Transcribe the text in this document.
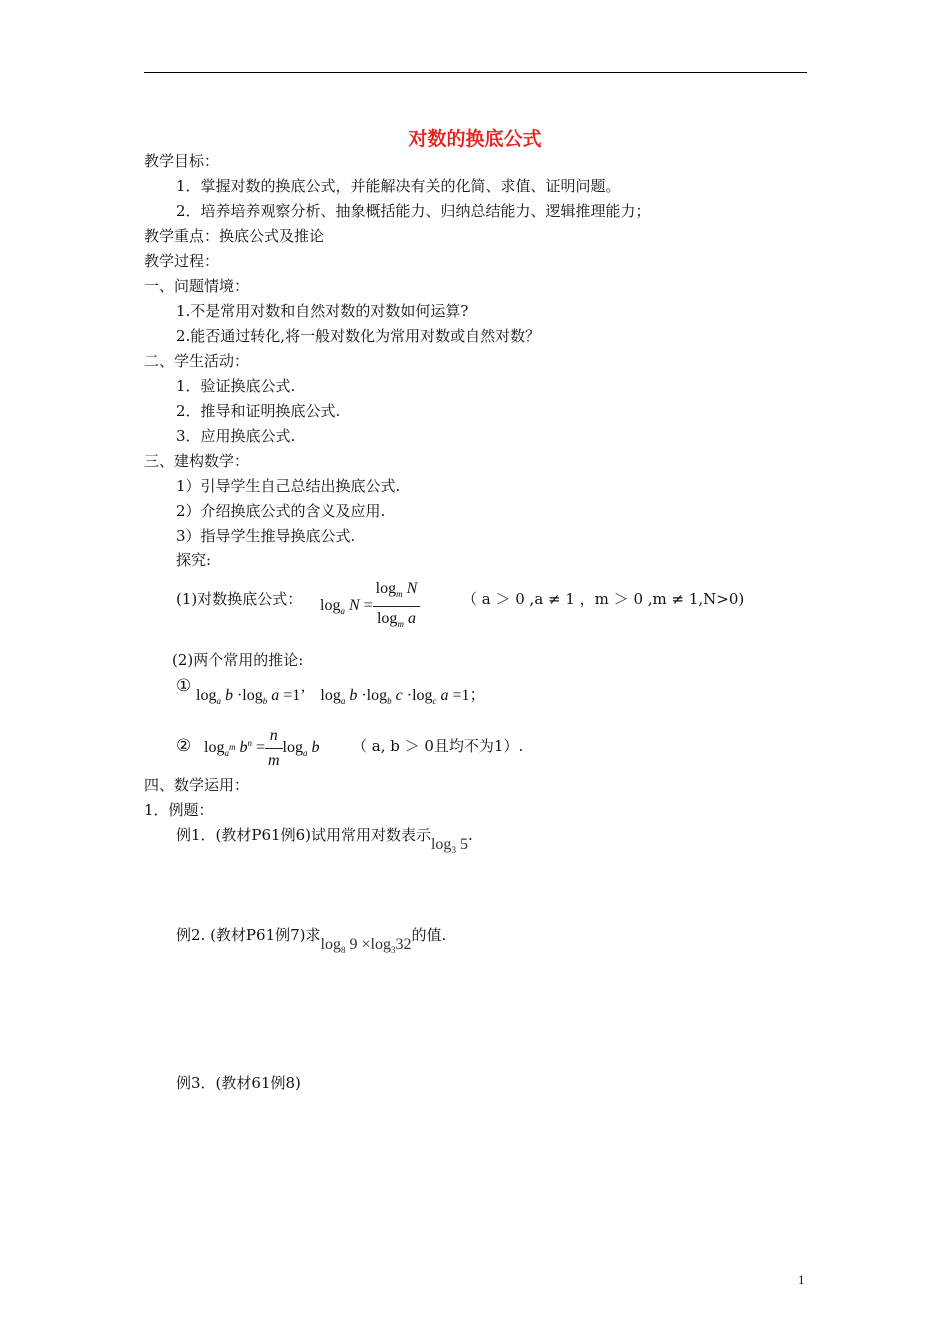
对数的换底公式
教学目标：
1．掌握对数的换底公式，并能解决有关的化简、求值、证明问题。
2．培养培养观察分析、抽象概括能力、归纳总结能力、逻辑推理能力；
教学重点：换底公式及推论
教学过程：
一、问题情境：
1.不是常用对数和自然对数的对数如何运算?
2.能否通过转化,将一般对数化为常用对数或自然对数？
二、学生活动：
1．验证换底公式.
2．推导和证明换底公式.
3．应用换底公式.
三、建构数学：
1）引导学生自己总结出换底公式.
2）介绍换底公式的含义及应用.
3）指导学生推导换底公式.
探究:
(1)对数换底公式： $\log_a N = \frac{\log_m N}{\log_m a}$	（ a ＞ 0 ,a ≠ 1 ，m ＞ 0 ,m ≠ 1,N>0)
(2)两个常用的推论:
① $\log_a b \cdot\log_b$ a =1’    $\log_a b \cdot\log_b$ $c \cdot\log_c$ a =1；
② $\log_{am} b^n = \frac{n}{m} \log_a b$ （ a, b ＞ 0且均不为1）.
四、数学运用：
1．例题：
例1．(教材P61例6)试用常用对数表示$\log_3 5$.
例2. (教材P61例7)求$\log_8 9 \times\log_332$的值.
例3．(教材61例8)
1
